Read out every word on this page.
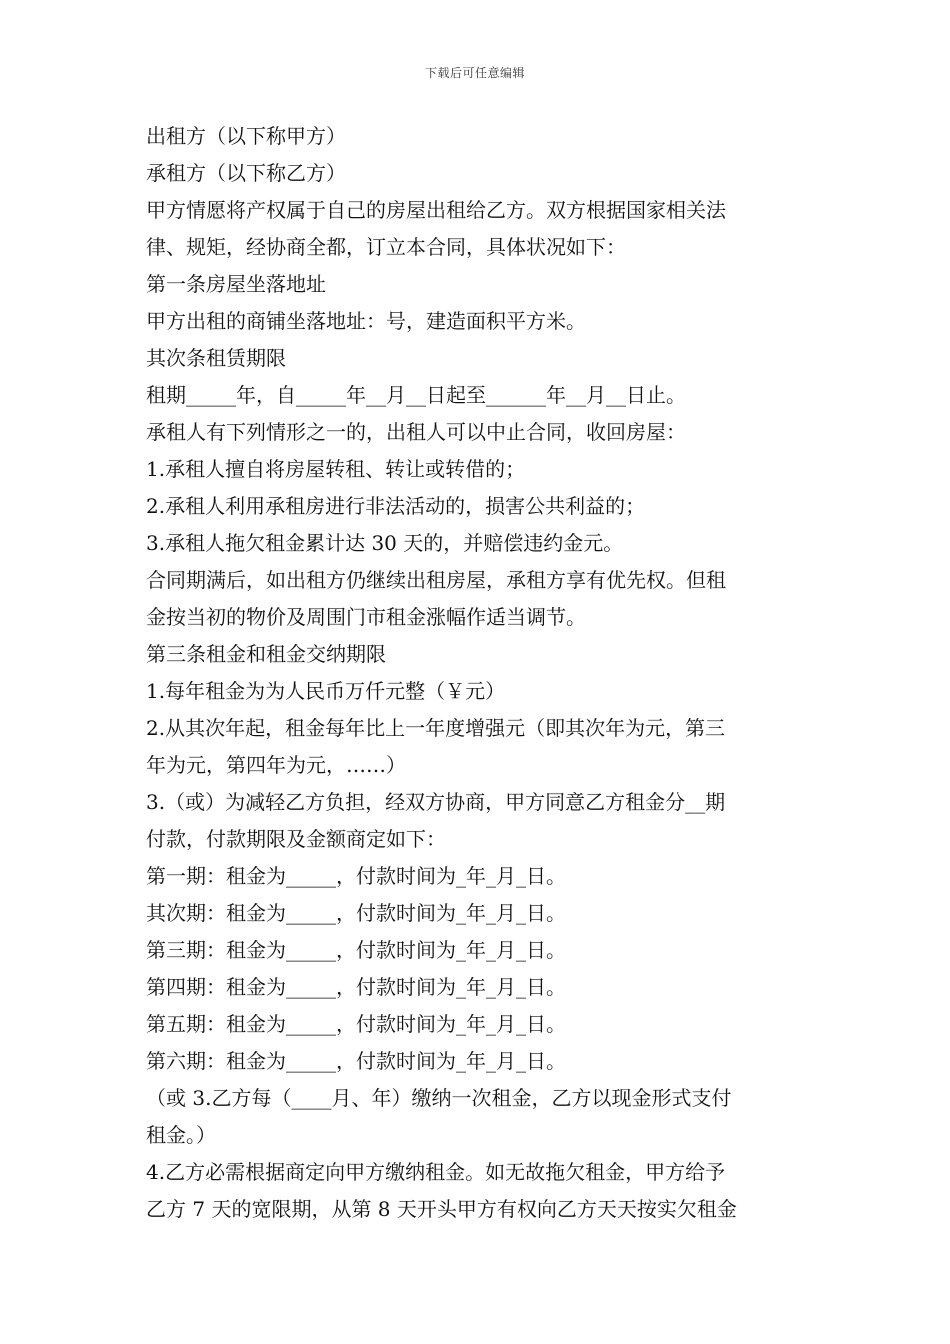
下载后可任意编辑
出租方（以下称甲方）
承租方（以下称乙方）
甲方情愿将产权属于自己的房屋出租给乙方。双方根据国家相关法
律、规矩，经协商全都，订立本合同，具体状况如下：
第一条房屋坐落地址
甲方出租的商铺坐落地址：号，建造面积平方米。
其次条租赁期限
租期_____年，自_____年__月__日起至______年__月__日止。
承租人有下列情形之一的，出租人可以中止合同，收回房屋：
1.承租人擅自将房屋转租、转让或转借的；
2.承租人利用承租房进行非法活动的，损害公共利益的；
3.承租人拖欠租金累计达 30 天的，并赔偿违约金元。
合同期满后，如出租方仍继续出租房屋，承租方享有优先权。但租
金按当初的物价及周围门市租金涨幅作适当调节。
第三条租金和租金交纳期限
1.每年租金为为人民币万仟元整（￥元）
2.从其次年起，租金每年比上一年度增强元（即其次年为元，第三
年为元，第四年为元，……）
3.（或）为减轻乙方负担，经双方协商，甲方同意乙方租金分__期
付款，付款期限及金额商定如下：
第一期：租金为_____，付款时间为_年_月_日。
其次期：租金为_____，付款时间为_年_月_日。
第三期：租金为_____，付款时间为_年_月_日。
第四期：租金为_____，付款时间为_年_月_日。
第五期：租金为_____，付款时间为_年_月_日。
第六期：租金为_____，付款时间为_年_月_日。
（或 3.乙方每（____月、年）缴纳一次租金，乙方以现金形式支付
租金。）
4.乙方必需根据商定向甲方缴纳租金。如无故拖欠租金，甲方给予
乙方 7 天的宽限期，从第 8 天开头甲方有权向乙方天天按实欠租金
